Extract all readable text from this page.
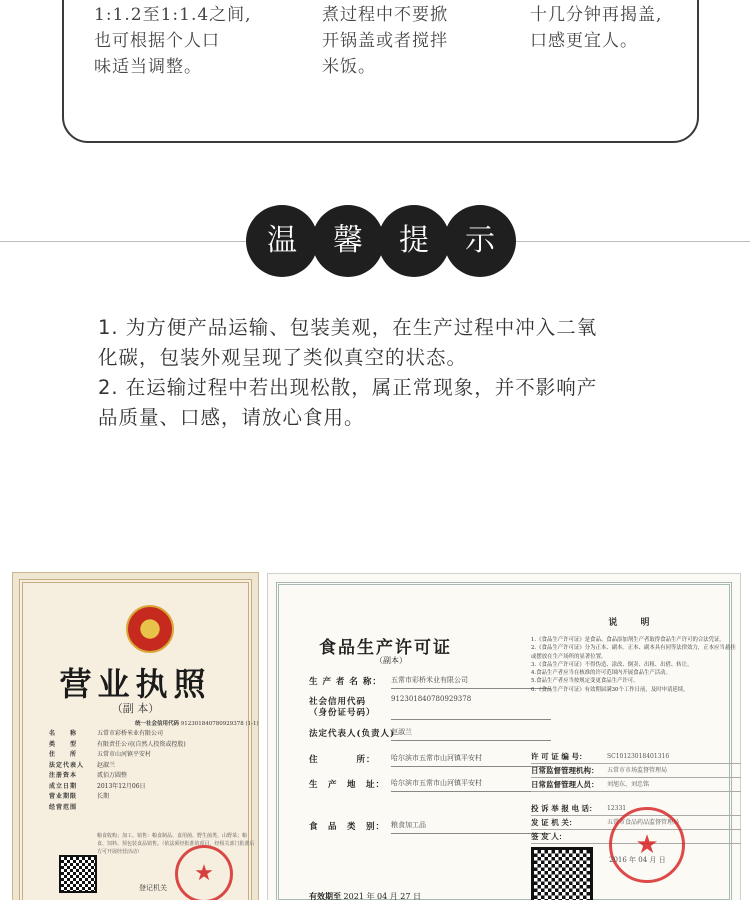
1:1.2至1:1.4之间,
也可根据个人口
味适当调整。
煮过程中不要掀
开锅盖或者搅拌
米饭。
十几分钟再揭盖,
口感更宜人。
温	馨	提	示
1. 为方便产品运输、包装美观，在生产过程中冲入二氧
化碳，包装外观呈现了类似真空的状态。
2. 在运输过程中若出现松散，属正常现象，并不影响产
品质量、口感，请放心食用。
营业执照
（副 本）
统一社会信用代码 912301840780929378 (1-1)
名　　称	五常市彩桥米业有限公司
类　　型	有限责任公司(自然人投资或控股)
住　　所	五常市山河镇平安村
法定代表人	赵淑兰
注册资本	贰佰万圆整
成立日期	2013年12月06日
营业期限	长期
经营范围
粮食收购；加工、销售：粮食制品、食用菌、野生菌类、山野菜；粮食、饲料、预包装食品销售。（依法须经批准的项目，经相关部门批准后方可开展经营活动）
登记机关
★
食品生产许可证
（副本）
生 产 者 名 称：	五常市彩桥米业有限公司
社会信用代码	912301840780929378
（身份证号码）
法定代表人(负责人)
赵淑兰
住　　　　所：	哈尔滨市五常市山河镇平安村
生　产　地　址： 哈尔滨市五常市山河镇平安村
食　品　类　别： 粮食加工品
有效期至 2021 年 04 月 27 日
说 明
1.《食品生产许可证》是食品、食品添加剂生产者取得食品生产许可的合法凭证。
2.《食品生产许可证》分为正本、副本。正本、副本具有同等法律效力，正本应当悬挂或摆放在生产场所的显著位置。
3.《食品生产许可证》不得伪造、涂改、倒卖、出租、出借、转让。
4.食品生产者应当在核准的许可范围内开展食品生产活动。
5.食品生产者应当按规定变更食品生产许可。
6.《食品生产许可证》有效期届满30个工作日前，及时申请延续。
许 可 证 编 号：	SC10123018401316
日常监督管理机构：	五常市市场监督管理局
日常监督管理人员：	刘旭东、刘忠铭
投 诉 举 报 电 话：	12331
发 证 机 关：	五常市食品药品监督管理局
签 发 人：	★
2016 年 04 月 日
